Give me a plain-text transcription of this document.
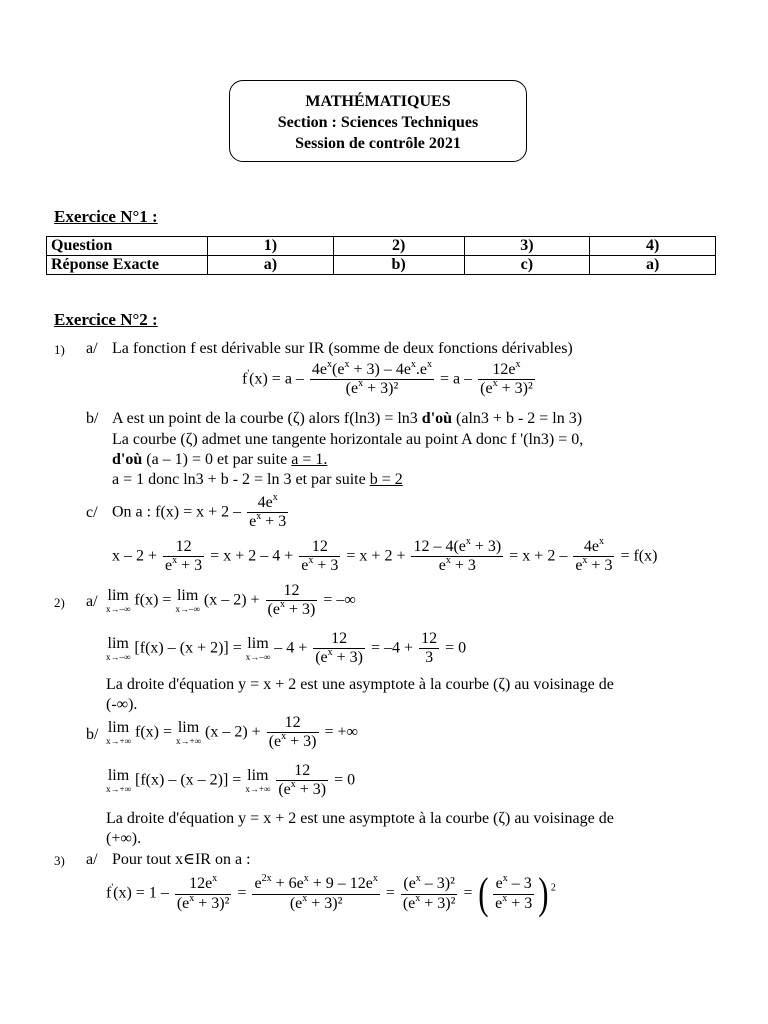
MATHÉMATIQUES
Section : Sciences Techniques
Session de contrôle 2021
Exercice N°1 :
Question	1)	2)	3)	4)
Réponse Exacte	a)	b)	c)	a)
Exercice N°2 :
1) a/ La fonction f est dérivable sur IR (somme de deux fonctions dérivables)
$f'(x) = a - \frac{4e^x(e^x + 3) - 4e^x.e^x}{(e^x + 3)^2} = a - \frac{12e^x}{(e^x + 3)^2}$
b/ A est un point de la courbe (ζ) alors f(ln3) = ln3 d'où (aln3 + b - 2 = ln 3)
La courbe (ζ) admet une tangente horizontale au point A donc f '(ln3) = 0,
d'où (a – 1) = 0 et par suite a = 1.
a = 1 donc ln3 + b - 2 = ln 3 et par suite b = 2
c/ On a : $f(x) = x + 2 - \frac{4e^x}{e^x + 3}$
$x - 2 + \frac{12}{e^x + 3} = x + 2 - 4 + \frac{12}{e^x + 3} = x + 2 + \frac{12 - 4(e^x + 3)}{e^x + 3} = x + 2 - \frac{4e^x}{e^x + 3} = f(x)$
2) a/ lim
x→–∞
f(x) = lim
x→–∞
$(x - 2) + \frac{12}{(e^x + 3)}$ = –∞
lim
x→–∞
[f(x) – (x + 2)] = lim
x→–∞
– $4 + \frac{12}{(e^x + 3)} = -4 + \frac{12}{3} = 0$
La droite d'équation y = x + 2 est une asymptote à la courbe (ζ) au voisinage de
(-∞).
b/ lim
x→+∞
f(x) = lim
x→+∞
$(x - 2) + \frac{12}{(e^x + 3)}$ = +∞
lim
x→+∞
[f(x) – (x – 2)] = lim
x→+∞
$\frac{12}{(e^x + 3)} = 0$
La droite d'équation y = x + 2 est une asymptote à la courbe (ζ) au voisinage de
(+∞).
3) a/ Pour tout x∈IR on a :
$f'(x) = 1 - \frac{12e^x}{(e^x + 3)^2} = \frac{e^{2x} + 6e^x + 9 - 12e^x}{(e^x + 3)^2} = \frac{(e^x - 3)^2}{(e^x + 3)^2}$ = ( $\frac{e^x - 3}{e^x + 3}$ ) $^2$
